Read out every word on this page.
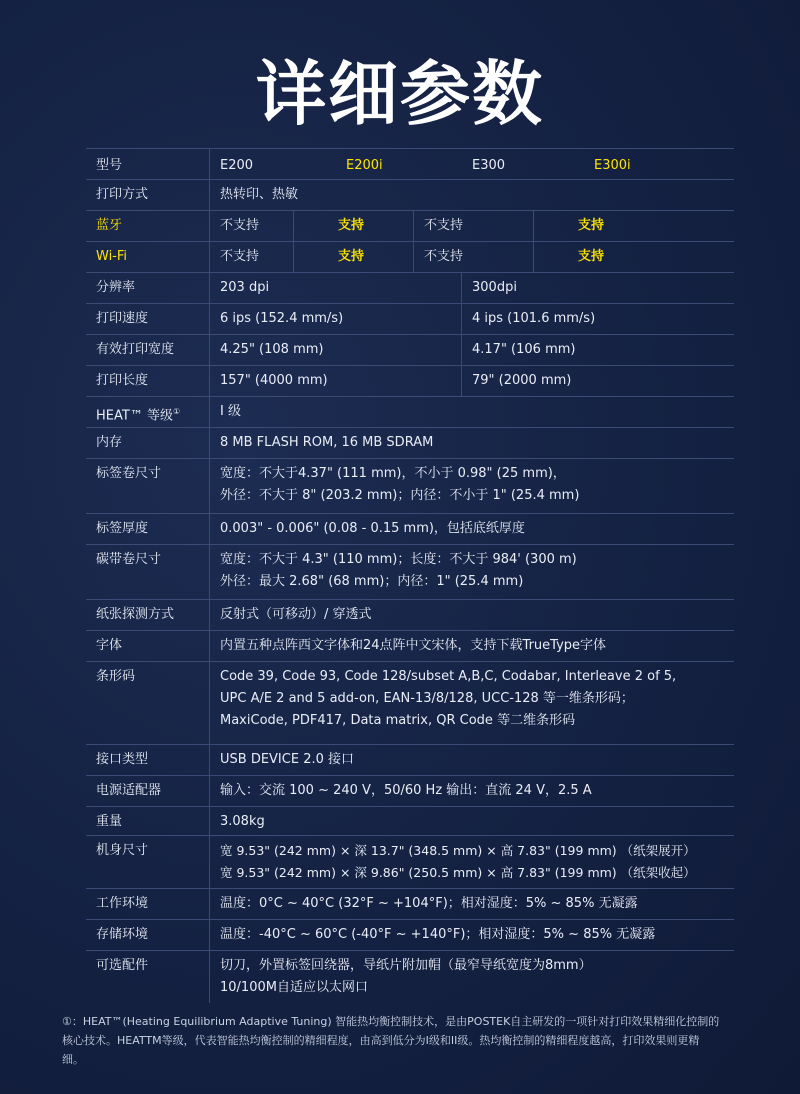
详细参数
型号	E200	E200i	E300	E300i
打印方式	热转印、热敏
蓝牙	不支持	支持	不支持	支持
Wi-Fi	不支持	支持	不支持	支持
分辨率	203 dpi	300dpi
打印速度	6 ips (152.4 mm/s)	4 ips (101.6 mm/s)
有效打印宽度	4.25" (108 mm)	4.17" (106 mm)
打印长度	157" (4000 mm)	79" (2000 mm)
HEAT™ 等级①	I 级
内存	8 MB FLASH ROM, 16 MB SDRAM
标签卷尺寸	宽度：不大于4.37" (111 mm)，不小于 0.98" (25 mm)，
外径：不大于 8" (203.2 mm)；内径：不小于 1" (25.4 mm)
标签厚度	0.003" - 0.006" (0.08 - 0.15 mm)，包括底纸厚度
碳带卷尺寸	宽度：不大于 4.3" (110 mm)；长度：不大于 984' (300 m)
外径：最大 2.68" (68 mm)；内径：1" (25.4 mm)
纸张探测方式	反射式（可移动）/ 穿透式
字体	内置五种点阵西文字体和24点阵中文宋体，支持下载TrueType字体
条形码	Code 39, Code 93, Code 128/subset A,B,C, Codabar, Interleave 2 of 5,
UPC A/E 2 and 5 add-on, EAN-13/8/128, UCC-128 等一维条形码；
MaxiCode, PDF417, Data matrix, QR Code 等二维条形码
接口类型	USB DEVICE 2.0 接口
电源适配器	输入：交流 100 ~ 240 V，50/60 Hz 输出：直流 24 V，2.5 A
重量	3.08kg
机身尺寸	宽 9.53" (242 mm) × 深 13.7" (348.5 mm) × 高 7.83" (199 mm) （纸架展开）
宽 9.53" (242 mm) × 深 9.86" (250.5 mm) × 高 7.83" (199 mm) （纸架收起）
工作环境	温度：0°C ~ 40°C (32°F ~ +104°F)；相对湿度：5% ~ 85% 无凝露
存储环境	温度：-40°C ~ 60°C (-40°F ~ +140°F)；相对湿度：5% ~ 85% 无凝露
可选配件	切刀，外置标签回绕器，导纸片附加帽（最窄导纸宽度为8mm）
10/100M自适应以太网口
①：HEAT™(Heating Equilibrium Adaptive Tuning) 智能热均衡控制技术，是由POSTEK自主研发的一项针对打印效果精细化控制的
核心技术。HEATTM等级，代表智能热均衡控制的精细程度，由高到低分为I级和II级。热均衡控制的精细程度越高，打印效果则更精
细。
